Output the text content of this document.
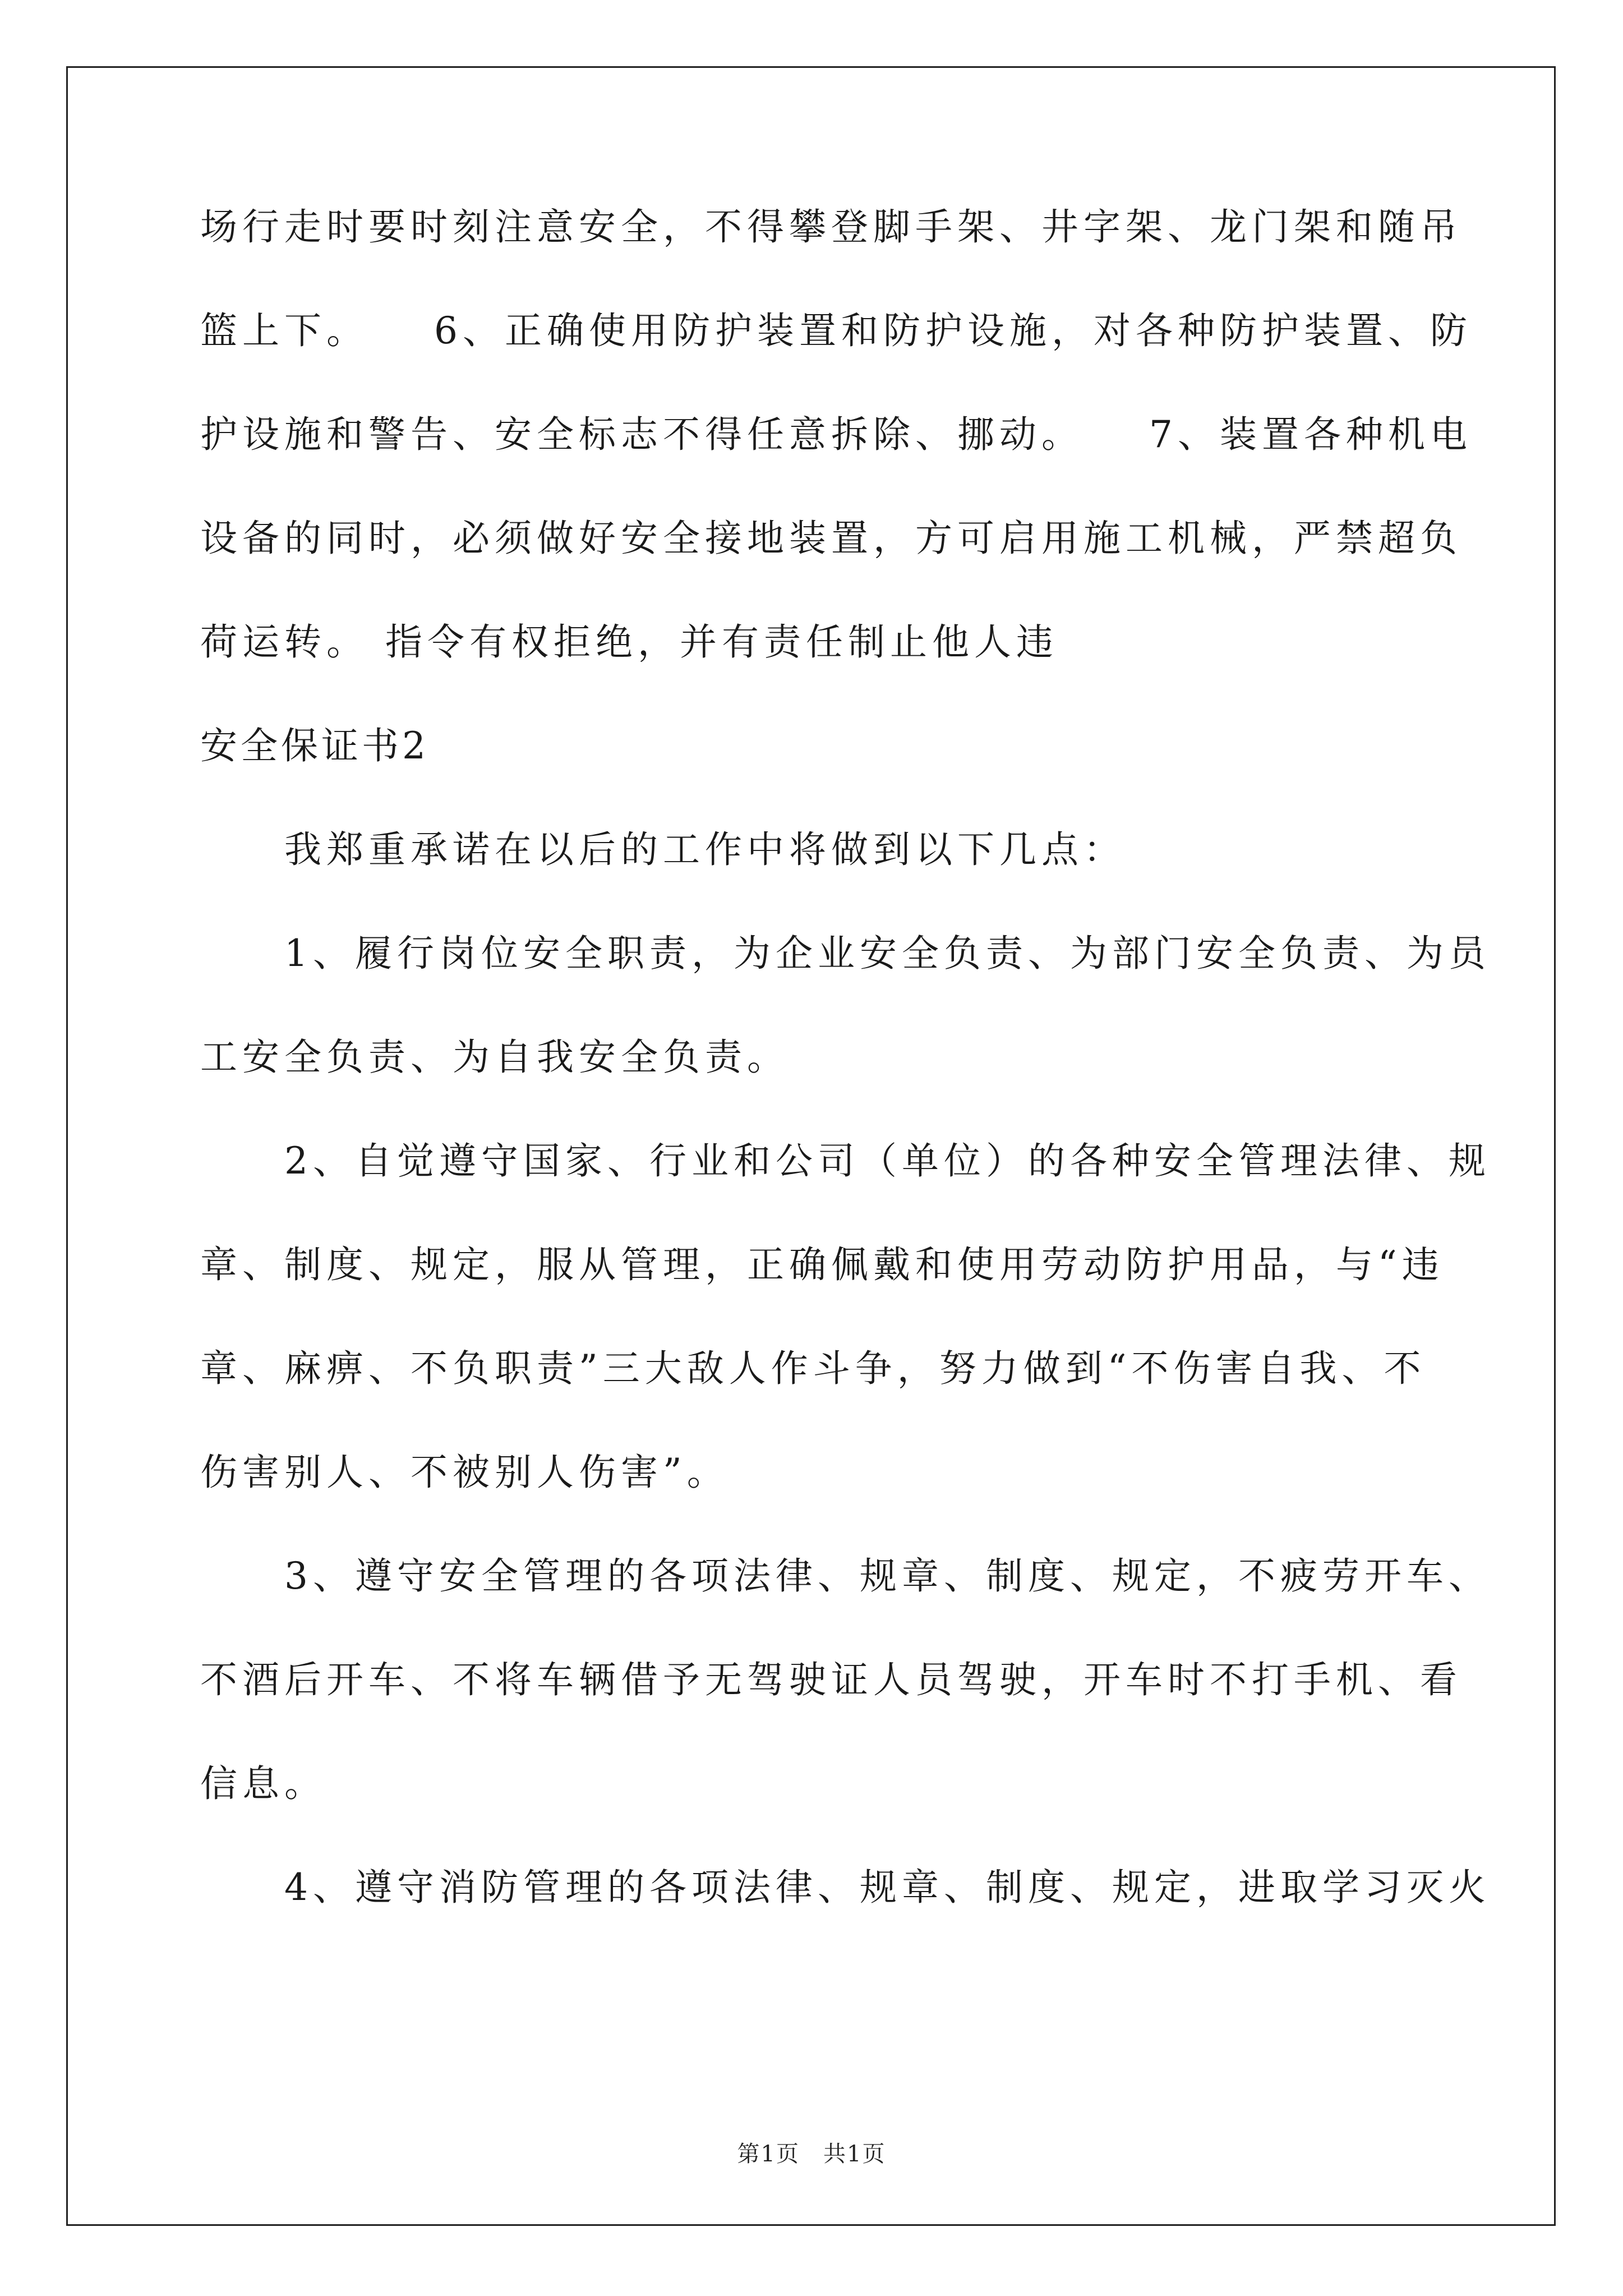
场行走时要时刻注意安全，不得攀登脚手架、井字架、龙门架和随吊
篮上下。　　6、正确使用防护装置和防护设施，对各种防护装置、防
护设施和警告、安全标志不得任意拆除、挪动。　　7、装置各种机电
设备的同时，必须做好安全接地装置，方可启用施工机械，严禁超负
荷运转。 指令有权拒绝，并有责任制止他人违
安全保证书2
　　我郑重承诺在以后的工作中将做到以下几点：
　　1、履行岗位安全职责，为企业安全负责、为部门安全负责、为员
工安全负责、为自我安全负责。
　　2、自觉遵守国家、行业和公司（单位）的各种安全管理法律、规
章、制度、规定，服从管理，正确佩戴和使用劳动防护用品，与“违
章、麻痹、不负职责”三大敌人作斗争，努力做到“不伤害自我、不
伤害别人、不被别人伤害”。
　　3、遵守安全管理的各项法律、规章、制度、规定，不疲劳开车、
不酒后开车、不将车辆借予无驾驶证人员驾驶，开车时不打手机、看
信息。
　　4、遵守消防管理的各项法律、规章、制度、规定，进取学习灭火
第1页　共1页
